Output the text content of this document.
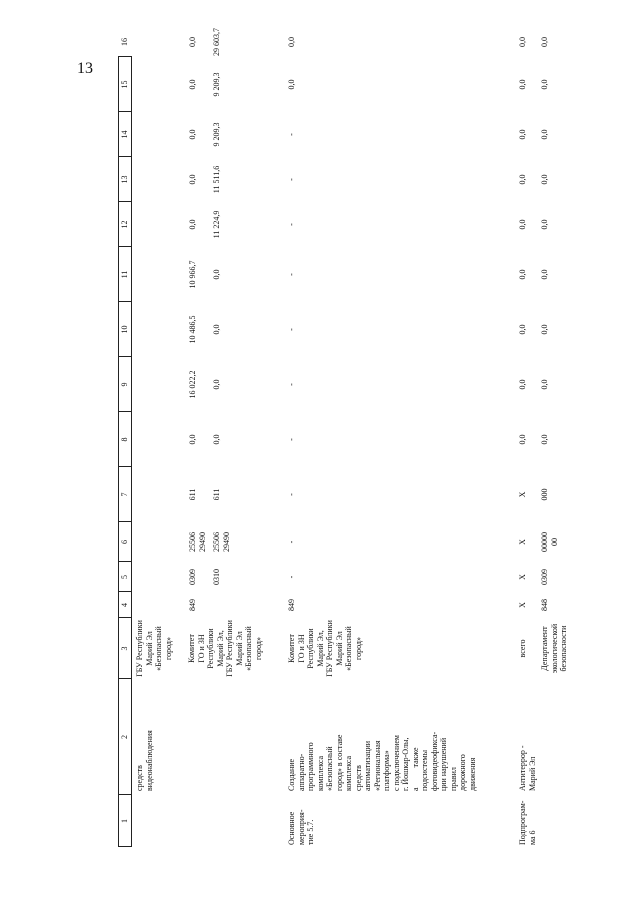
13
1
2
3
4
5
6
7
8
9
10
11
12
13
14
15
16
средств
видеонаблюдения
ГБУ Республики
Марий Эл
«Безопасный
город» Комитет
ГО и ЗН
Республики
Марий Эл,
ГБУ Республики
Марий Эл
«Безопасный
город»
849
0309
25506
29490
611
0,0
16 022,2
10 486,5
10 966,7
0,0
0,0
0,0
0,0
0,0
0310
25506
29490
611
0,0
0,0
0,0
0,0
11 224,9
11 511,6
9 209,3
9 209,3
29 603,7
Основное
мероприя-
тие 5.7.
Создание
аппаратно-
программного
комплекса
«Безопасный
город» в составе
комплекса
средств
автоматизации
«Региональная
платформа»
с подключением
г. Йошкар-Олы,
а          также
подсистемы
фотовидеофикса-
ции нарушений
правил
дорожного
движения
Комитет
ГО и ЗН
Республики
Марий Эл,
ГБУ Республики
Марий Эл
«Безопасный
город»
849
-
-
-
-
-
-
-
-
-
-
0,0
0,0
Подпрограм-
ма 6
Антитеррор -
Марий Эл
всего Департамент
экологической
безопасности
X
X
X
X
0,0
0,0
0,0
0,0
0,0
0,0
0,0
0,0
0,0
848
0309
00000
00
000
0,0
0,0
0,0
0,0
0,0
0,0
0,0
0,0
0,0
